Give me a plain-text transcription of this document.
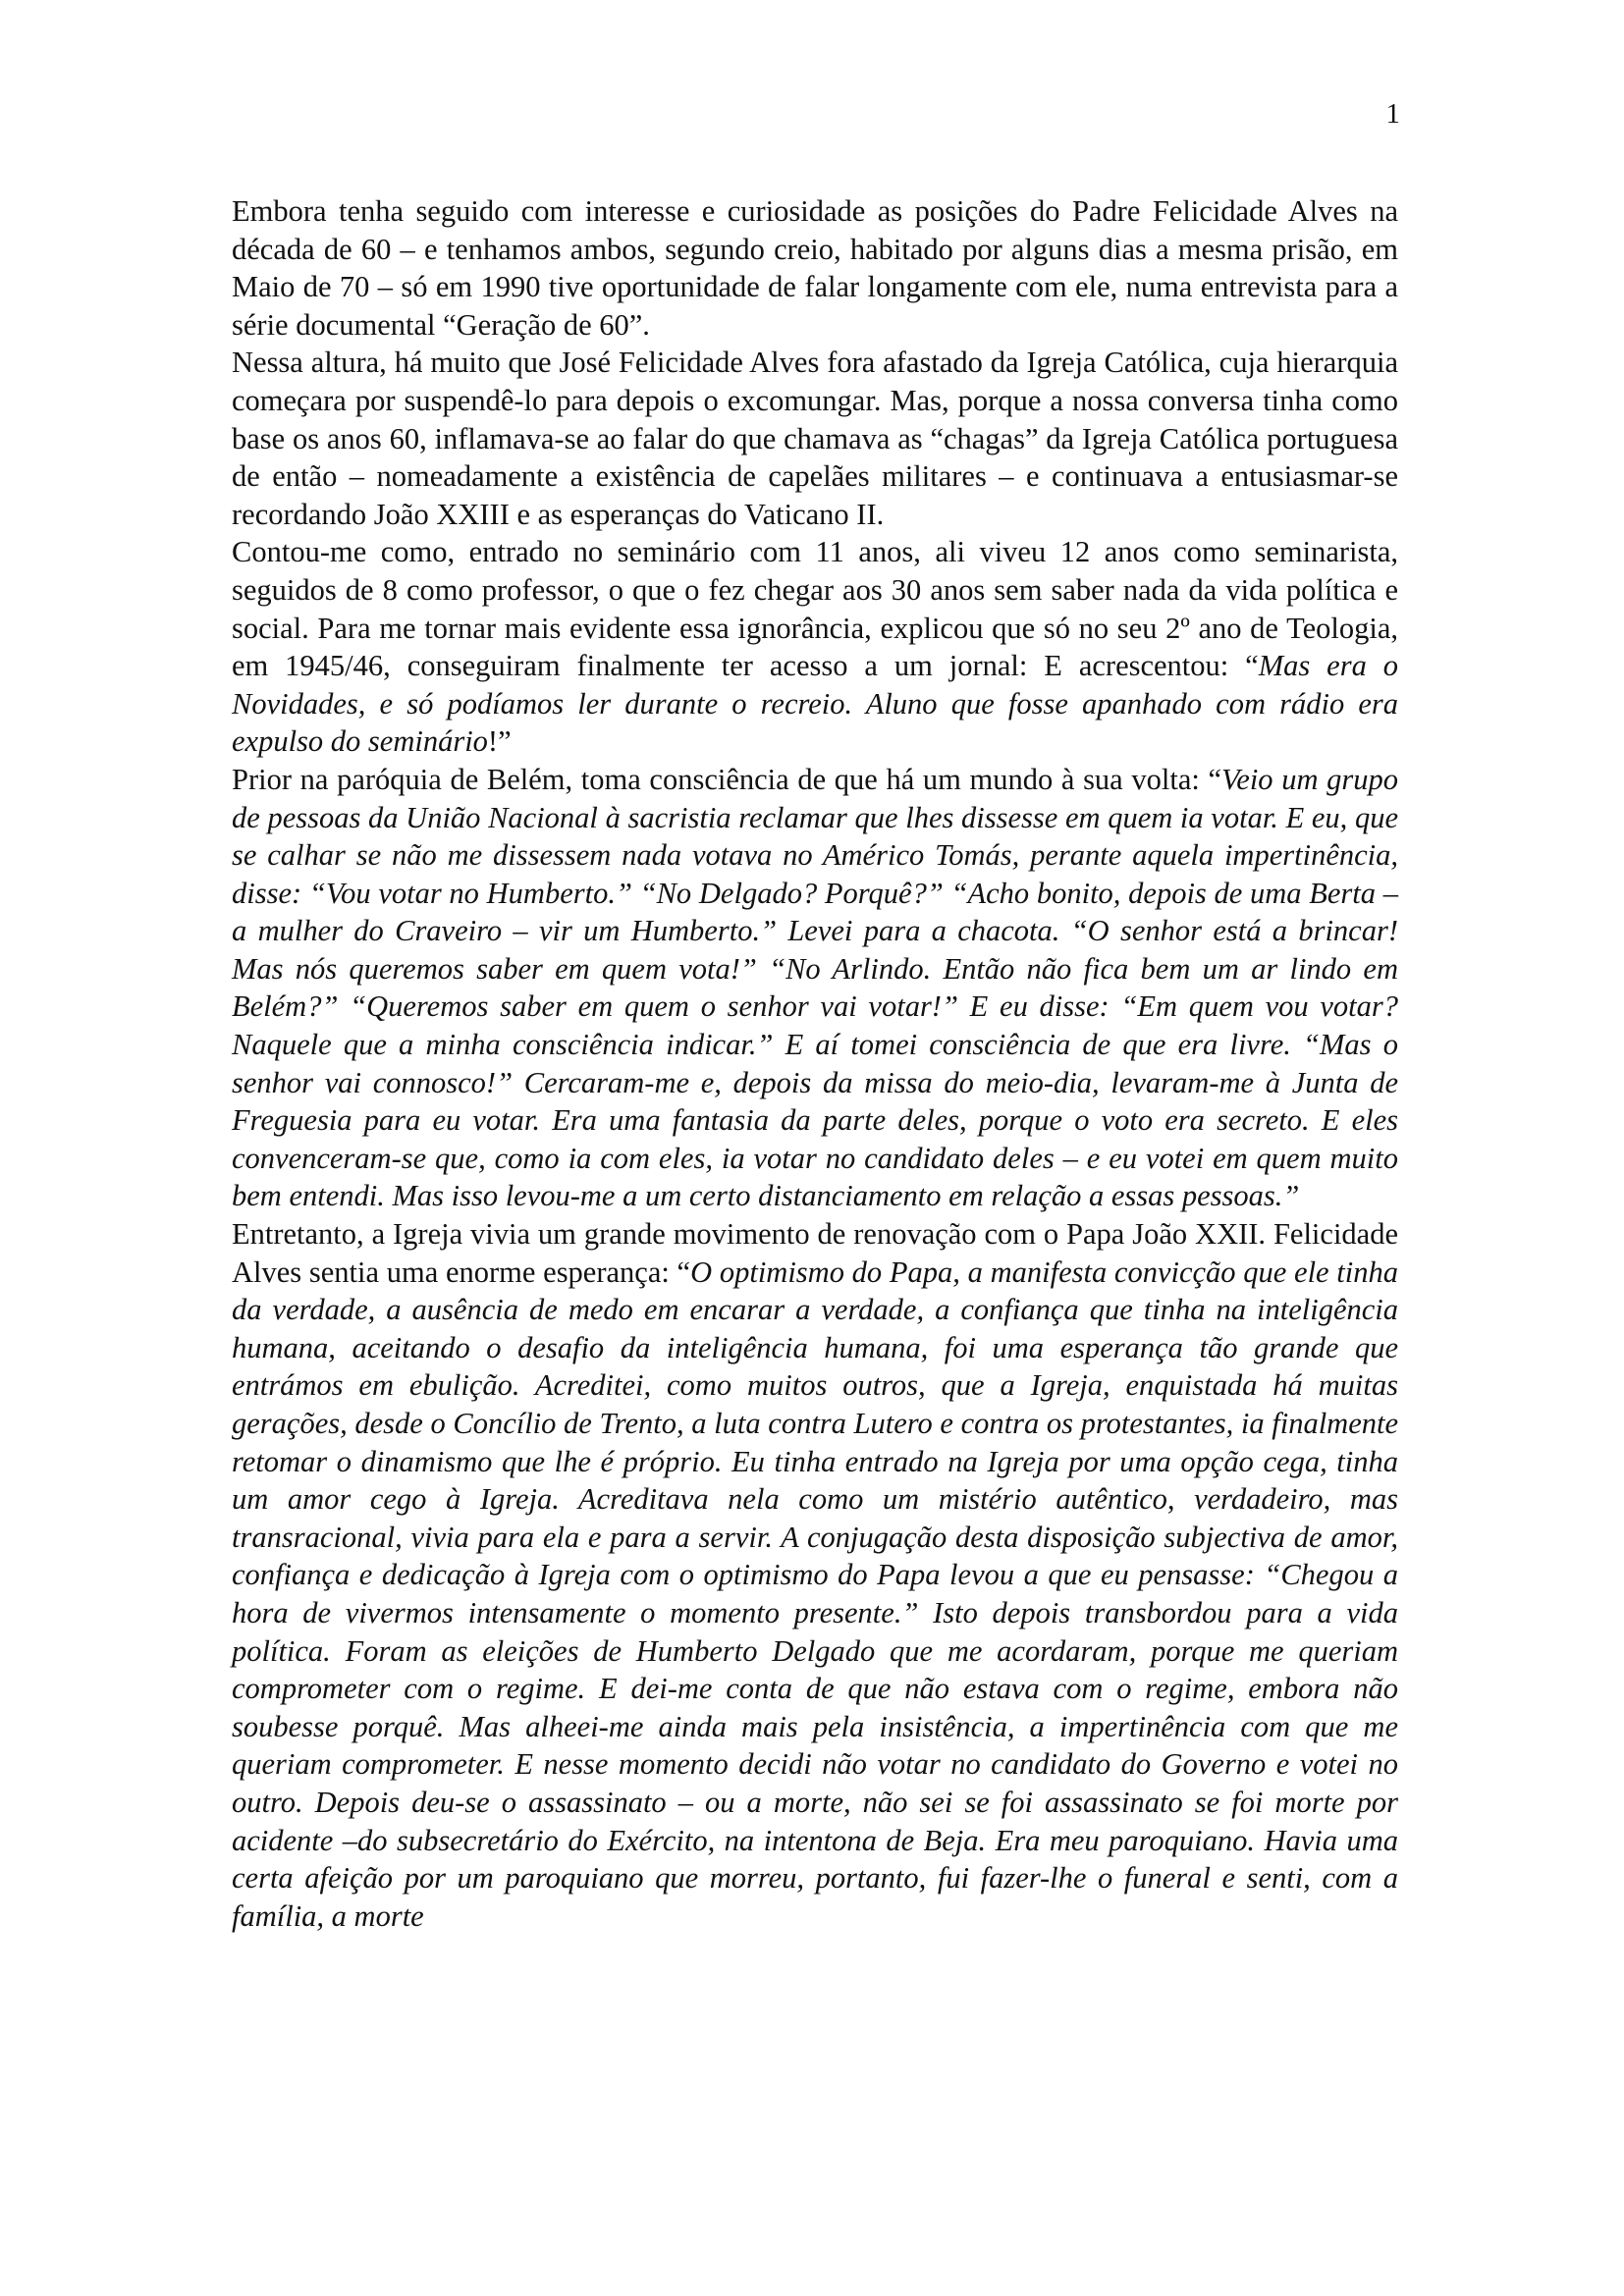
1

Embora tenha seguido com interesse e curiosidade as posições do Padre Felicidade Alves na década de 60 – e tenhamos ambos, segundo creio, habitado por alguns dias a mesma prisão, em Maio de 70 – só em 1990 tive oportunidade de falar longamente com ele, numa entrevista para a série documental “Geração de 60”.

Nessa altura, há muito que José Felicidade Alves fora afastado da Igreja Católica, cuja hierarquia começara por suspendê-lo para depois o excomungar. Mas, porque a nossa conversa tinha como base os anos 60, inflamava-se ao falar do que chamava as “chagas” da Igreja Católica portuguesa de então – nomeadamente a existência de capelães militares – e continuava a entusiasmar-se recordando João XXIII e as esperanças do Vaticano II.

Contou-me como, entrado no seminário com 11 anos, ali viveu 12 anos como seminarista, seguidos de 8 como professor, o que o fez chegar aos 30 anos sem saber nada da vida política e social. Para me tornar mais evidente essa ignorância, explicou que só no seu 2º ano de Teologia, em 1945/46, conseguiram finalmente ter acesso a um jornal: E acrescentou: “Mas era o Novidades, e só podíamos ler durante o recreio. Aluno que fosse apanhado com rádio era expulso do seminário!”

Prior na paróquia de Belém, toma consciência de que há um mundo à sua volta: “Veio um grupo de pessoas da União Nacional à sacristia reclamar que lhes dissesse em quem ia votar. E eu, que se calhar se não me dissessem nada votava no Américo Tomás, perante aquela impertinência, disse: “Vou votar no Humberto.” “No Delgado? Porquê?” “Acho bonito, depois de uma Berta – a mulher do Craveiro – vir um Humberto.” Levei para a chacota. “O senhor está a brincar! Mas nós queremos saber em quem vota!” “No Arlindo. Então não fica bem um ar lindo em Belém?” “Queremos saber em quem o senhor vai votar!” E eu disse: “Em quem vou votar? Naquele que a minha consciência indicar.” E aí tomei consciência de que era livre. “Mas o senhor vai connosco!” Cercaram-me e, depois da missa do meio-dia, levaram-me à Junta de Freguesia para eu votar. Era uma fantasia da parte deles, porque o voto era secreto. E eles convenceram-se que, como ia com eles, ia votar no candidato deles – e eu votei em quem muito bem entendi. Mas isso levou-me a um certo distanciamento em relação a essas pessoas.”

Entretanto, a Igreja vivia um grande movimento de renovação com o Papa João XXII. Felicidade Alves sentia uma enorme esperança: “O optimismo do Papa, a manifesta convicção que ele tinha da verdade, a ausência de medo em encarar a verdade, a confiança que tinha na inteligência humana, aceitando o desafio da inteligência humana, foi uma esperança tão grande que entrámos em ebulição. Acreditei, como muitos outros, que a Igreja, enquistada há muitas gerações, desde o Concílio de Trento, a luta contra Lutero e contra os protestantes, ia finalmente retomar o dinamismo que lhe é próprio. Eu tinha entrado na Igreja por uma opção cega, tinha um amor cego à Igreja. Acreditava nela como um mistério autêntico, verdadeiro, mas transracional, vivia para ela e para a servir. A conjugação desta disposição subjectiva de amor, confiança e dedicação à Igreja com o optimismo do Papa levou a que eu pensasse: “Chegou a hora de vivermos intensamente o momento presente.” Isto depois transbordou para a vida política. Foram as eleições de Humberto Delgado que me acordaram, porque me queriam comprometer com o regime. E dei-me conta de que não estava com o regime, embora não soubesse porquê. Mas alheei-me ainda mais pela insistência, a impertinência com que me queriam comprometer. E nesse momento decidi não votar no candidato do Governo e votei no outro. Depois deu-se o assassinato – ou a morte, não sei se foi assassinato se foi morte por acidente –do subsecretário do Exército, na intentona de Beja. Era meu paroquiano. Havia uma certa afeição por um paroquiano que morreu, portanto, fui fazer-lhe o funeral e senti, com a família, a morte
